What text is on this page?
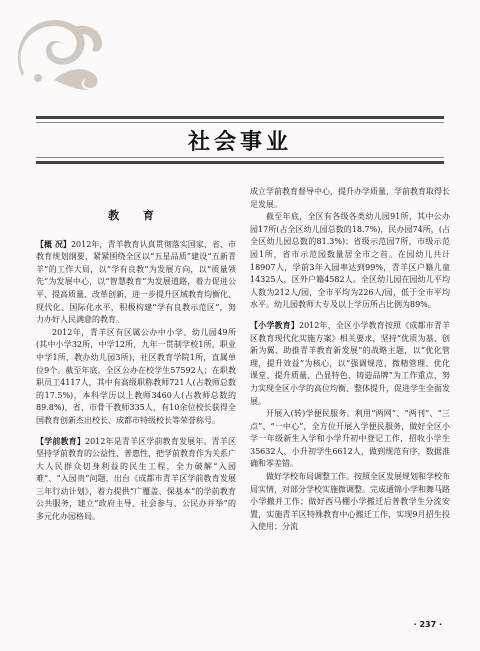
社会事业
教 育

【概 况】2012年，青羊教育认真贯彻落实国家、省、市教育规划纲要，紧紧围绕全区以“五星品质”建设“五新青羊”的工作大局，以“学有良教”为发展方向，以“质量领先”为发展中心，以“智慧教育”为发展道路，着力促进公平、提高质量、改革创新，进一步提升区域教育均衡化、现代化、国际化水平，积极构建“学有良教示范区”，努力办好人民满意的教育。

2012年，青羊区有区属公办中小学、幼儿园49所(其中小学32所，中学12所，九年一贯制学校1所，职业中学1所，教办幼儿园3所)，社区教育学院1所，直属单位9个。截至年底，全区公办在校学生57592人；在职教职员工4117人，其中有高级职称教师721人(占教师总数的17.5%)，本科学历以上教师3460人(占教师总数的89.8%)，省、市骨干教师335人，有10余位校长获得全国教育创新杰出校长、成都市特级校长等荣誉称号。

【学前教育】2012年是青羊区学前教育发展年。青羊区坚持学前教育的公益性、普惠性，把学前教育作为关系广大人民群众切身利益的民生工程，全力破解“入园难”、“入园贵”问题，出台《成都市青羊区学前教育发展三年行动计划》，着力提供“广覆盖、保基本”的学前教育公共服务，建立“政府主导、社会参与、公民办并举”的多元化办园格局。

成立学前教育督导中心，提升办学质量，学前教育取得长足发展。

截至年底，全区有各级各类幼儿园91所，其中公办园17所(占全区幼儿园总数的18.7%)，民办园74所，(占全区幼儿园总数的81.3%)；省级示范园7所，市级示范园1所，省市示范园数量居全市之首。在园幼儿共计18907人，学前3年入园率达到99%，青羊区户籍儿童14325人，区外户籍4582人。全区幼儿园在园幼儿平均人数为212人/园，全市平均为226人/园，低于全市平均水平。幼儿园教师大专及以上学历所占比例为89%。

【小学教育】2012年，全区小学教育按照《成都市青羊区教育现代化实施方案》相关要求，坚持“优质为基、创新为翼、助推青羊教育新发展”的战略主题，以“优化管理，提升效益”为核心，以“强调规范、微精管理、优化课堂、提升质量、凸显特色、铸造品牌”为工作重点，努力实现全区小学的高位均衡、整体提升，促进学生全面发展。

开展入(转)学便民服务。利用“两网”、“两刊”、“三点”、“一中心”，全方位开展入学便民服务，做好全区小学一年级新生入学和小学升初中登记工作，招收小学生35632人，小升初学生6612人，做到规范有序，数据准确和零差错。

做好学校布局调整工作。按照全区发展规划和学校布局实情，对部分学校实施微调整。完成通锦小学和舞马路小学撤并工作；做好西马棚小学搬迁后普教学生分流安置，实施青羊区特殊教育中心搬迁工作，实现9月招生投入使用；分流

· 237 ·
